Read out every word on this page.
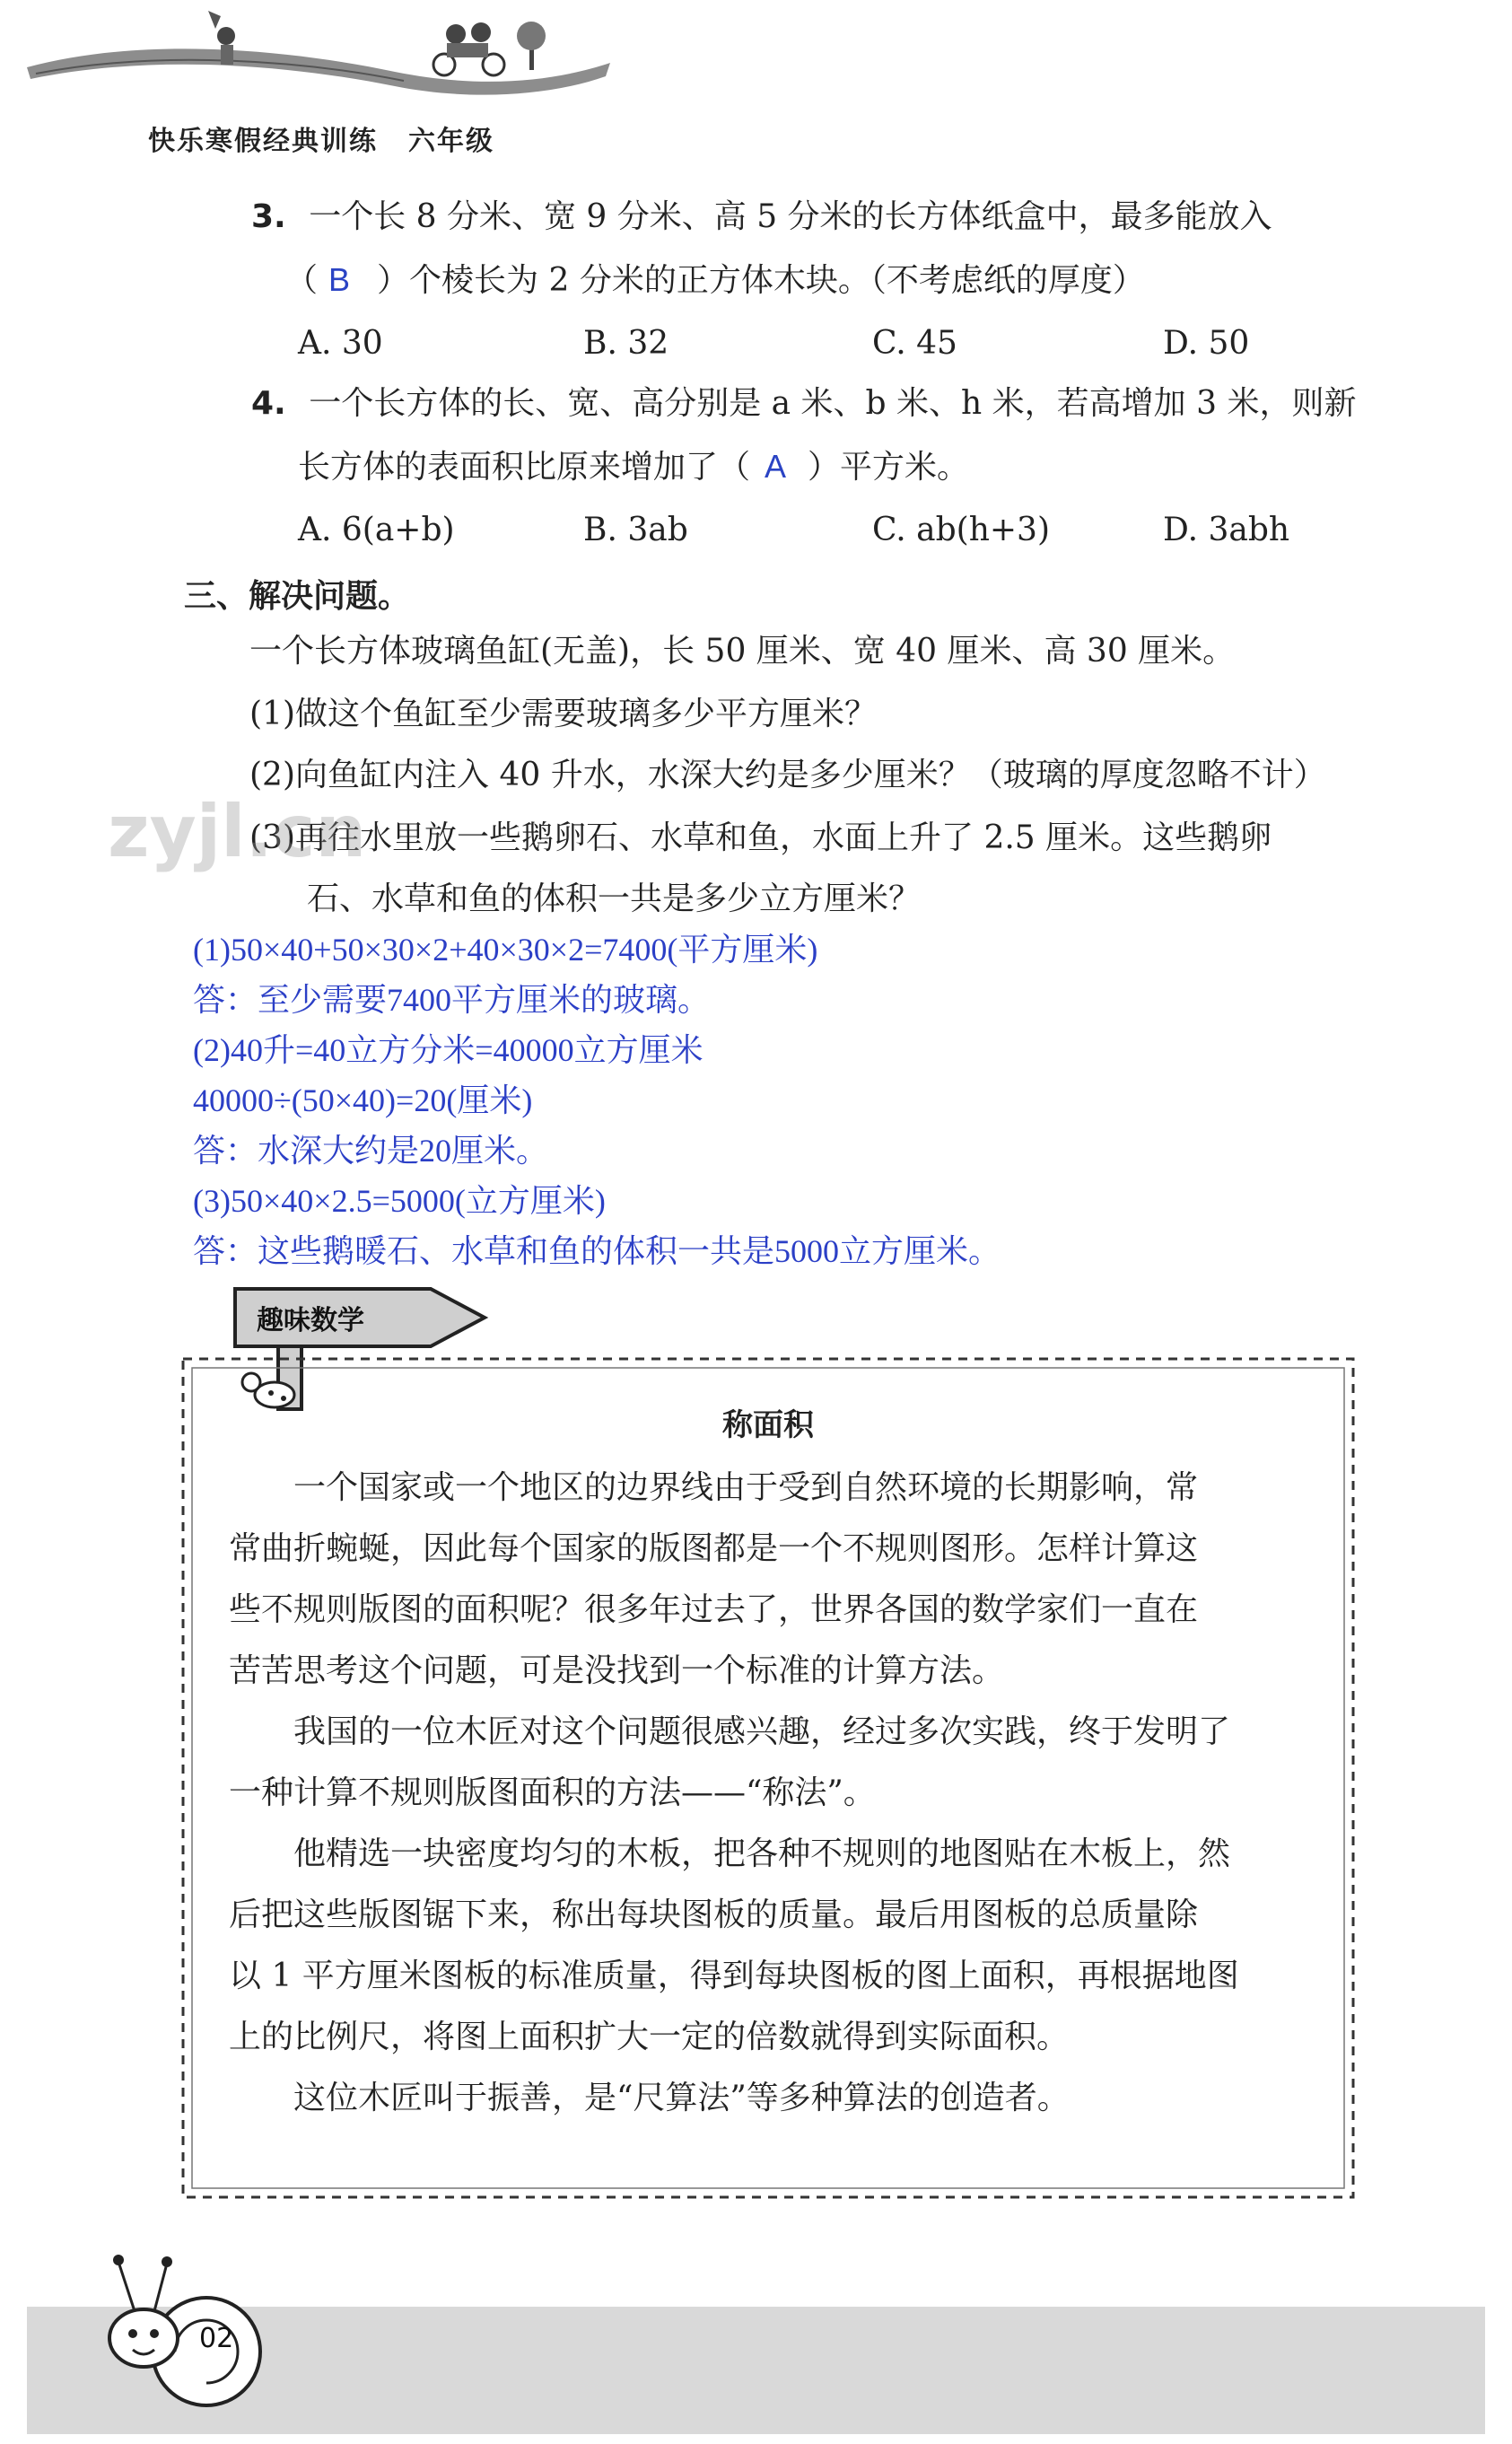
快乐寒假经典训练 六年级
3. 一个长 8 分米、宽 9 分米、高 5 分米的长方体纸盒中，最多能放入
（ B ）个棱长为 2 分米的正方体木块。（不考虑纸的厚度）
A. 30	B. 32	C. 45	D. 50
4. 一个长方体的长、宽、高分别是 a 米、b 米、h 米，若高增加 3 米，则新
长方体的表面积比原来增加了（ A ）平方米。
A. 6(a+b)	B. 3ab	C. ab(h+3)	D. 3abh
三、解决问题。
一个长方体玻璃鱼缸(无盖)，长 50 厘米、宽 40 厘米、高 30 厘米。
(1)做这个鱼缸至少需要玻璃多少平方厘米？
(2)向鱼缸内注入 40 升水，水深大约是多少厘米？（玻璃的厚度忽略不计）
(3)再往水里放一些鹅卵石、水草和鱼，水面上升了 2.5 厘米。这些鹅卵
石、水草和鱼的体积一共是多少立方厘米？
zyjl.cn
(1)50×40+50×30×2+40×30×2=7400(平方厘米)
答：至少需要7400平方厘米的玻璃。
(2)40升=40立方分米=40000立方厘米
40000÷(50×40)=20(厘米)
答：水深大约是20厘米。
(3)50×40×2.5=5000(立方厘米)
答：这些鹅暖石、水草和鱼的体积一共是5000立方厘米。
趣味数学
称面积
一个国家或一个地区的边界线由于受到自然环境的长期影响，常
常曲折蜿蜒，因此每个国家的版图都是一个不规则图形。怎样计算这
些不规则版图的面积呢？很多年过去了，世界各国的数学家们一直在
苦苦思考这个问题，可是没找到一个标准的计算方法。
我国的一位木匠对这个问题很感兴趣，经过多次实践，终于发明了
一种计算不规则版图面积的方法——“称法”。
他精选一块密度均匀的木板，把各种不规则的地图贴在木板上，然
后把这些版图锯下来，称出每块图板的质量。最后用图板的总质量除
以 1 平方厘米图板的标准质量，得到每块图板的图上面积，再根据地图
上的比例尺，将图上面积扩大一定的倍数就得到实际面积。
这位木匠叫于振善，是“尺算法”等多种算法的创造者。
02
